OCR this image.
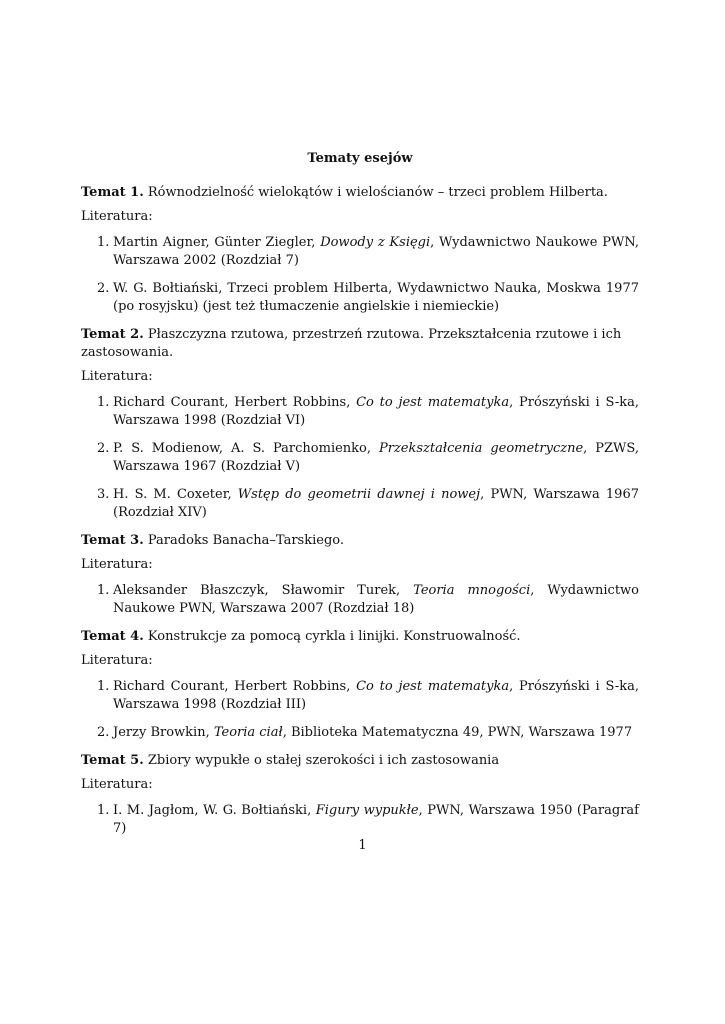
Tematy esejów
Temat 1. Równodzielność wielokątów i wielościanów – trzeci problem Hilberta.
Literatura:
1. Martin Aigner, Günter Ziegler, Dowody z Księgi, Wydawnictwo Naukowe PWN, Warszawa 2002 (Rozdział 7)
2. W. G. Bołtiański, Trzeci problem Hilberta, Wydawnictwo Nauka, Moskwa 1977 (po rosyjsku) (jest też tłumaczenie angielskie i niemieckie)
Temat 2. Płaszczyzna rzutowa, przestrzeń rzutowa. Przekształcenia rzutowe i ich zastosowania.
Literatura:
1. Richard Courant, Herbert Robbins, Co to jest matematyka, Prószyński i S-ka, Warszawa 1998 (Rozdział VI)
2. P. S. Modienow, A. S. Parchomienko, Przekształcenia geometryczne, PZWS, Warszawa 1967 (Rozdział V)
3. H. S. M. Coxeter, Wstęp do geometrii dawnej i nowej, PWN, Warszawa 1967 (Rozdział XIV)
Temat 3. Paradoks Banacha–Tarskiego.
Literatura:
1. Aleksander Błaszczyk, Sławomir Turek, Teoria mnogości, Wydawnictwo Naukowe PWN, Warszawa 2007 (Rozdział 18)
Temat 4. Konstrukcje za pomocą cyrkla i linijki. Konstruowalność.
Literatura:
1. Richard Courant, Herbert Robbins, Co to jest matematyka, Prószyński i S-ka, Warszawa 1998 (Rozdział III)
2. Jerzy Browkin, Teoria ciał, Biblioteka Matematyczna 49, PWN, Warszawa 1977
Temat 5. Zbiory wypukłe o stałej szerokości i ich zastosowania
Literatura:
1. I. M. Jagłom, W. G. Bołtiański, Figury wypukłe, PWN, Warszawa 1950 (Paragraf 7)
1
